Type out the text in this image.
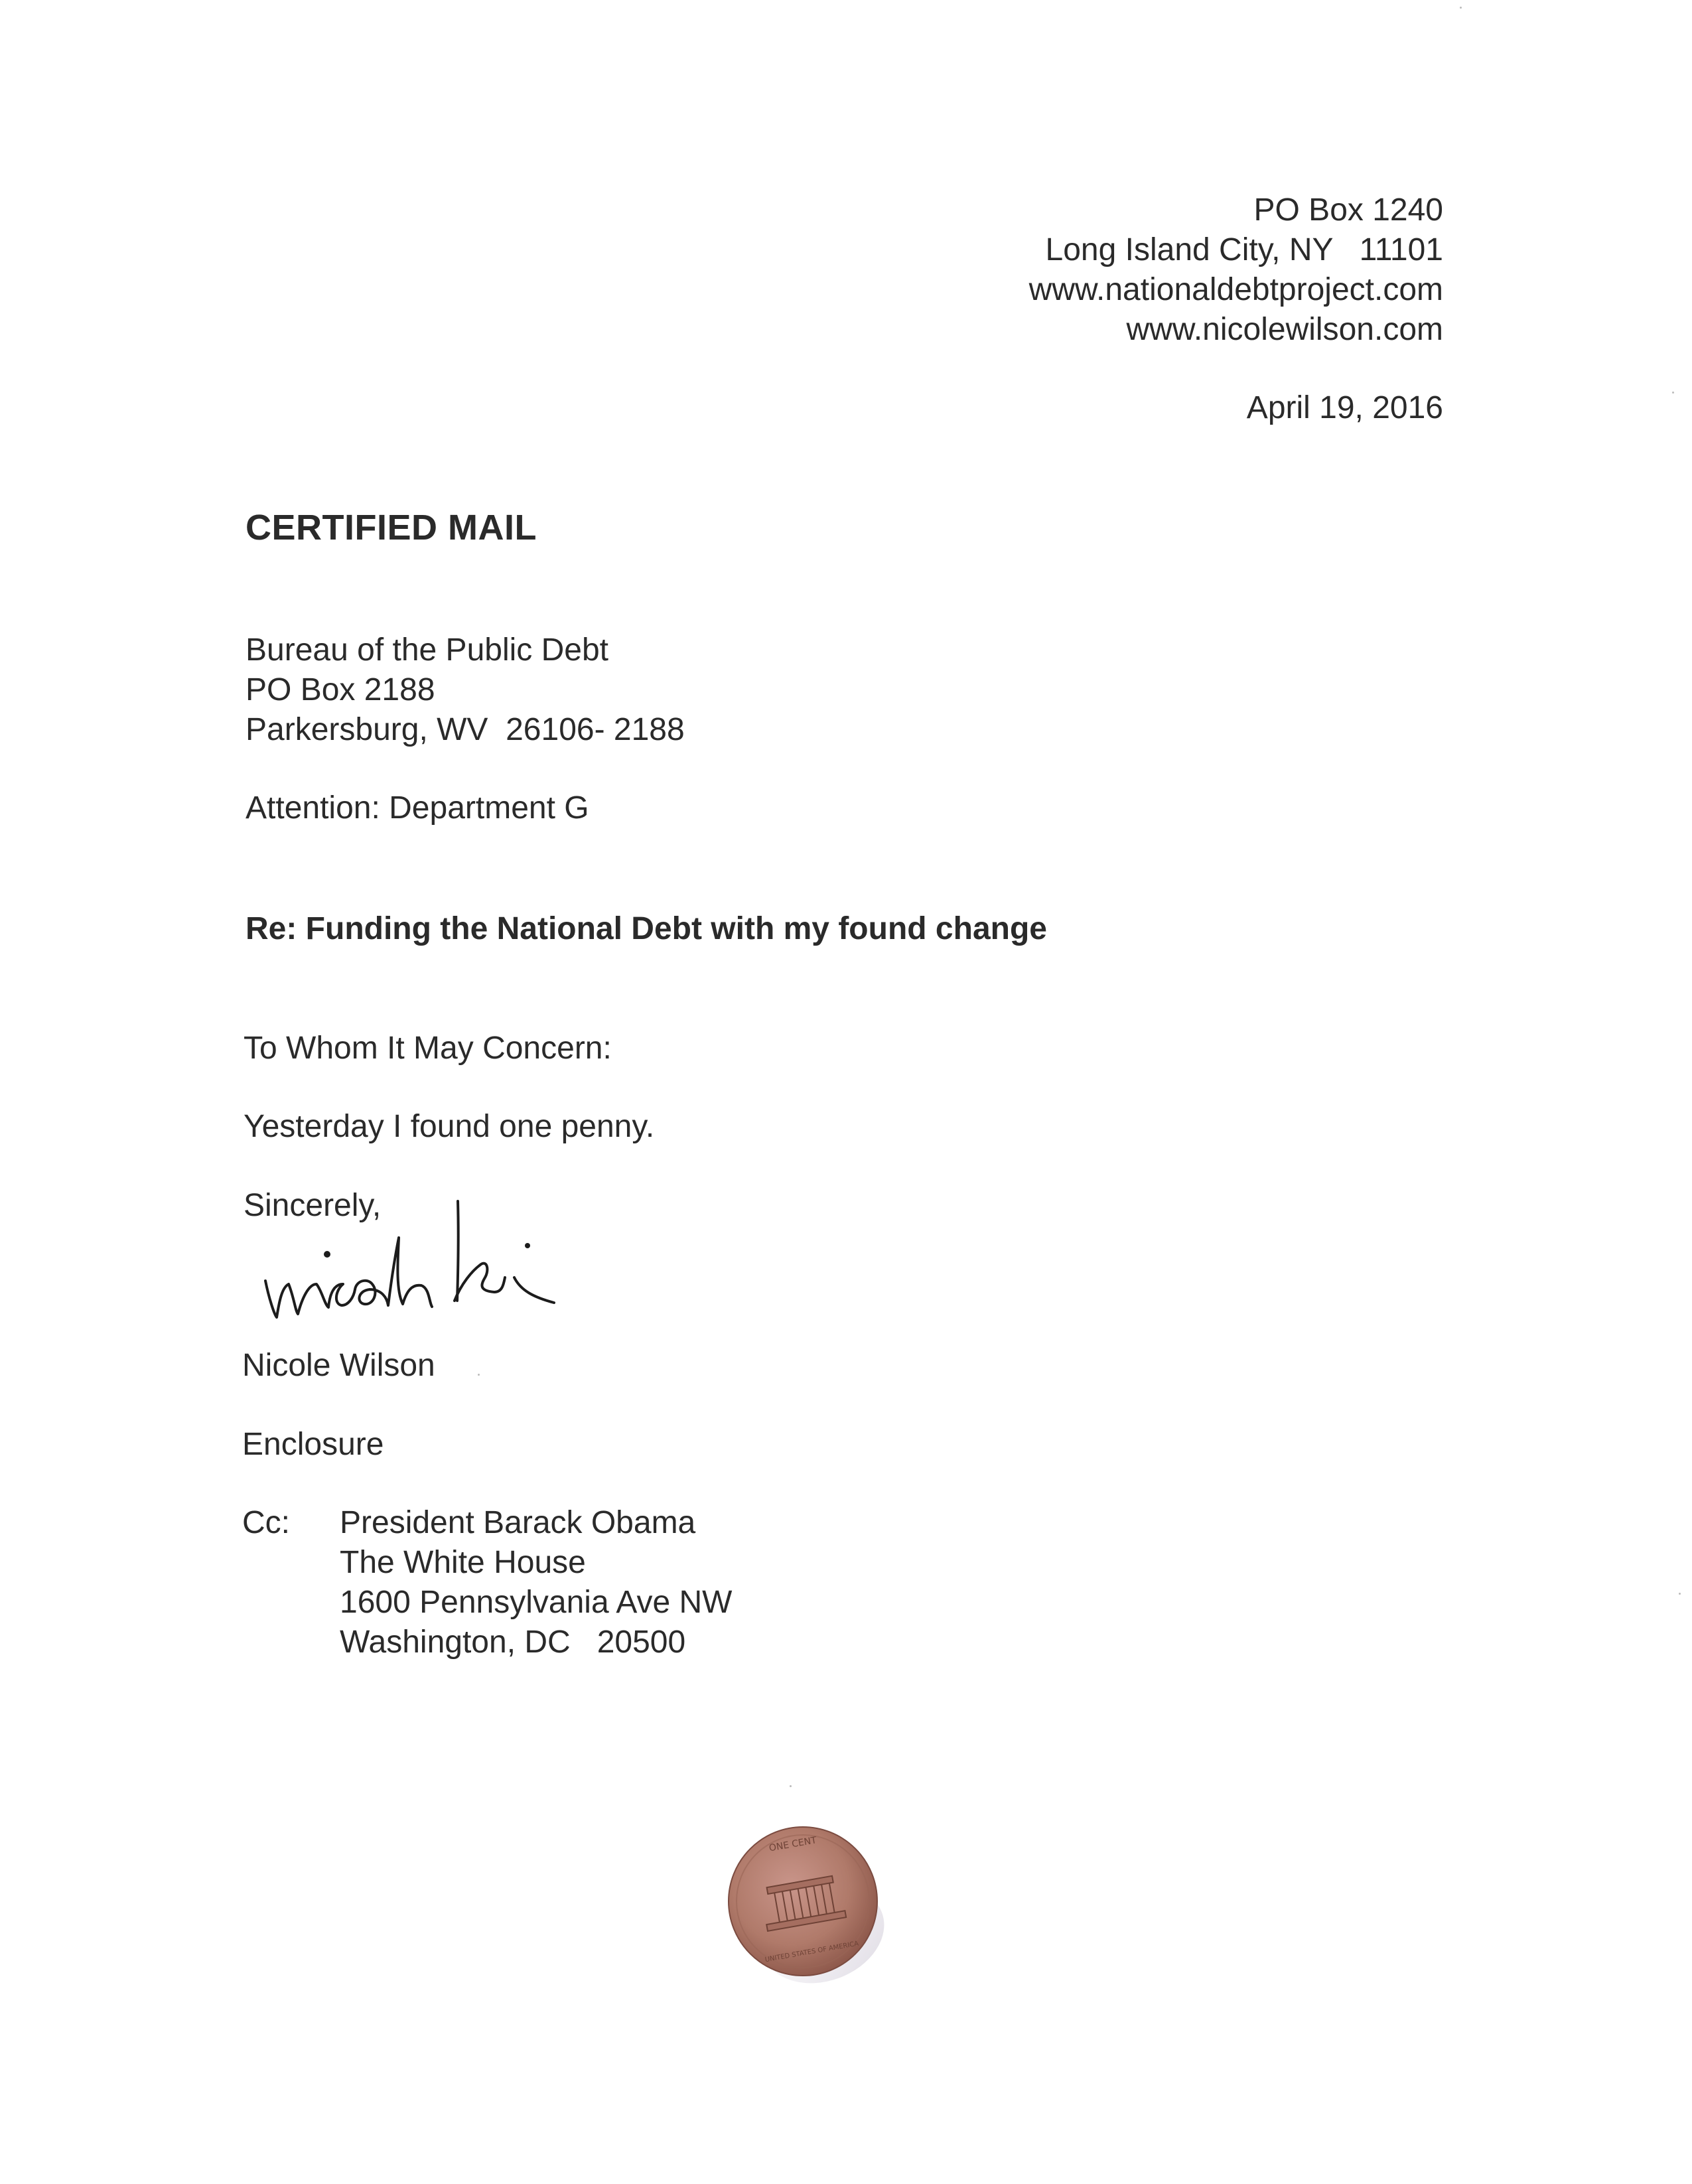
PO Box 1240
Long Island City, NY   11101
www.nationaldebtproject.com
www.nicolewilson.com
April 19, 2016
CERTIFIED MAIL
Bureau of the Public Debt
PO Box 2188
Parkersburg, WV  26106- 2188
Attention: Department G
Re: Funding the National Debt with my found change
To Whom It May Concern:
Yesterday I found one penny.
Sincerely,
Nicole Wilson
Enclosure
Cc: President Barack Obama
The White House
1600 Pennsylvania Ave NW
Washington, DC   20500
ONE CENT
UNITED STATES OF AMERICA
